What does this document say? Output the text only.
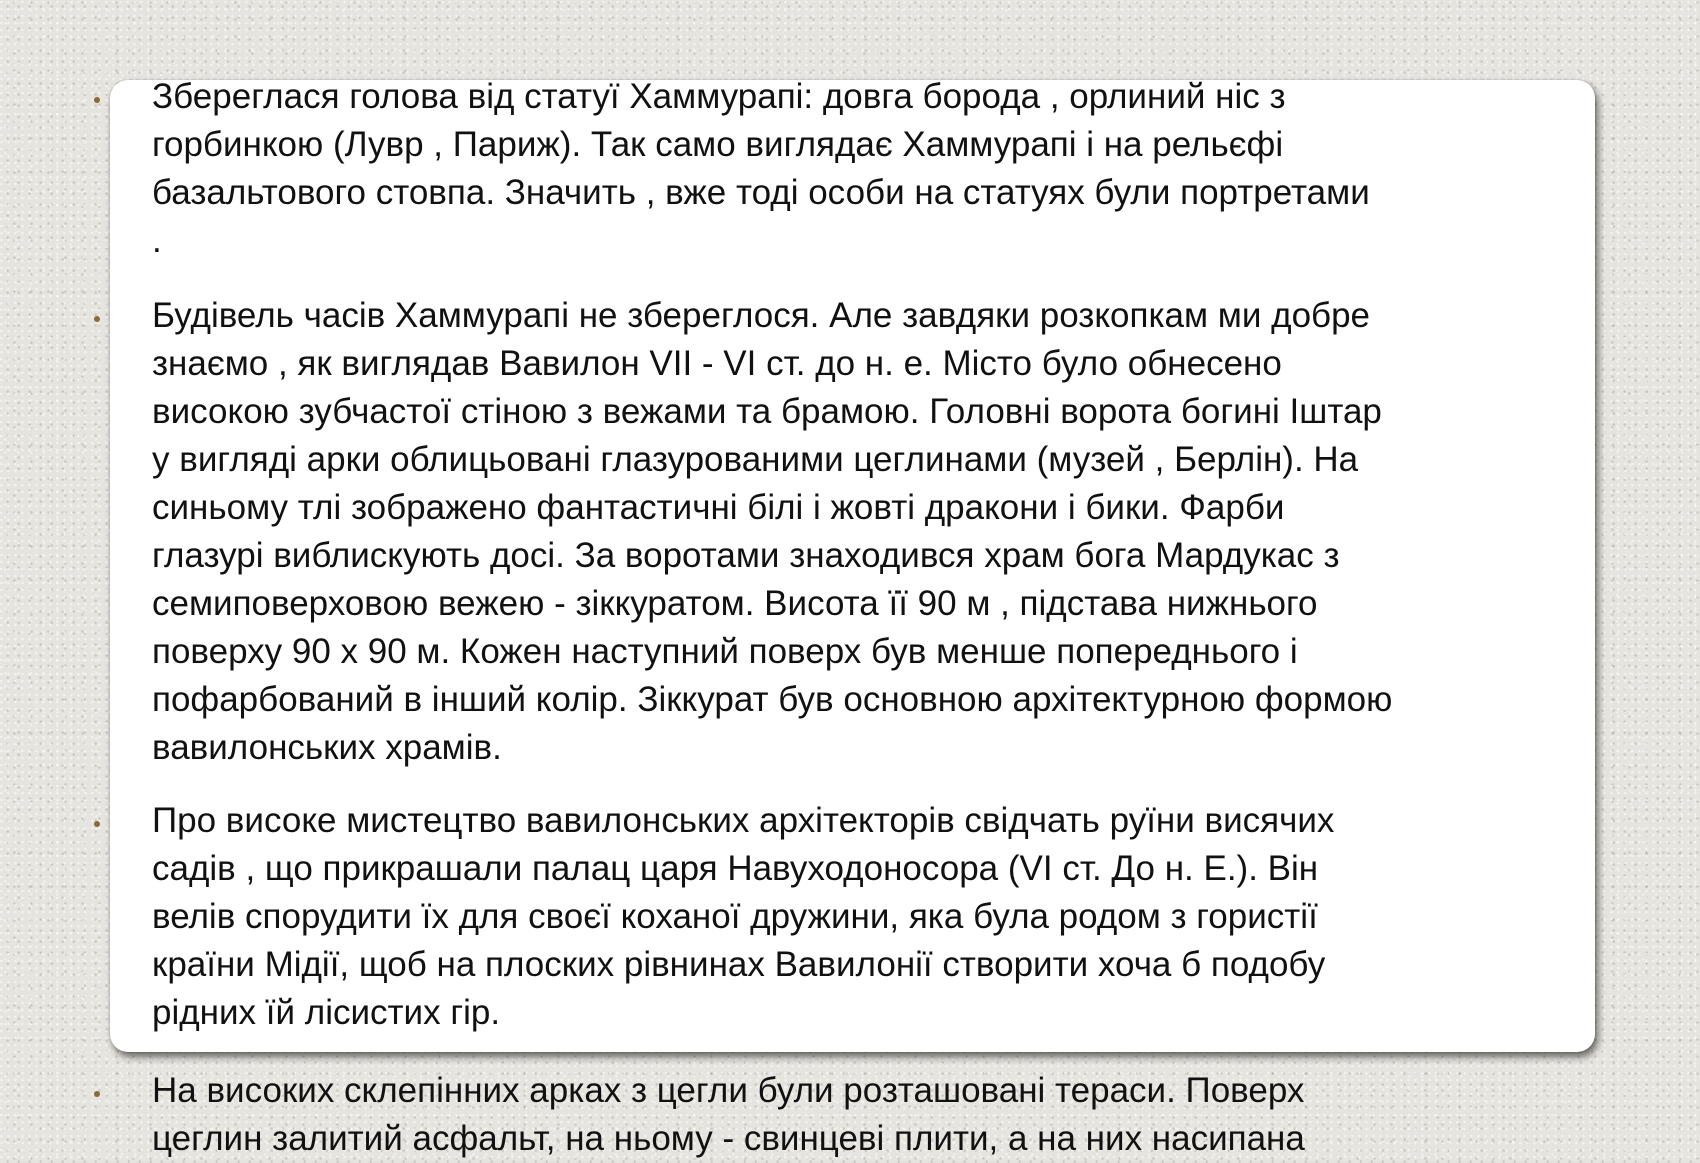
Збереглася голова від статуї Хаммурапі: довга борода , орлиний ніс з
горбинкою (Лувр , Париж). Так само виглядає Хаммурапі і на рельєфі
базальтового стовпа. Значить , вже тоді особи на статуях були портретами
.

Будівель часів Хаммурапі не збереглося. Але завдяки розкопкам ми добре
знаємо , як виглядав Вавилон VII - VI ст. до н. е. Місто було обнесено
високою зубчастої стіною з вежами та брамою. Головні ворота богині Іштар
у вигляді арки облицьовані глазурованими цеглинами (музей , Берлін). На
синьому тлі зображено фантастичні білі і жовті дракони і бики. Фарби
глазурі виблискують досі. За воротами знаходився храм бога Мардукас з
семиповерховою вежею - зіккуратом. Висота її 90 м , підстава нижнього
поверху 90 х 90 м. Кожен наступний поверх був менше попереднього і
пофарбований в інший колір. Зіккурат був основною архітектурною формою
вавилонських храмів.

Про високе мистецтво вавилонських архітекторів свідчать руїни висячих
садів , що прикрашали палац царя Навуходоносора (VI ст. До н. Е.). Він
велів спорудити їх для своєї коханої дружини, яка була родом з гористії
країни Мідії, щоб на плоских рівнинах Вавилонії створити хоча б подобу
рідних їй лісистих гір.

На високих склепінних арках з цегли були розташовані тераси. Поверх
цеглин залитий асфальт, на ньому - свинцеві плити, а на них насипана
